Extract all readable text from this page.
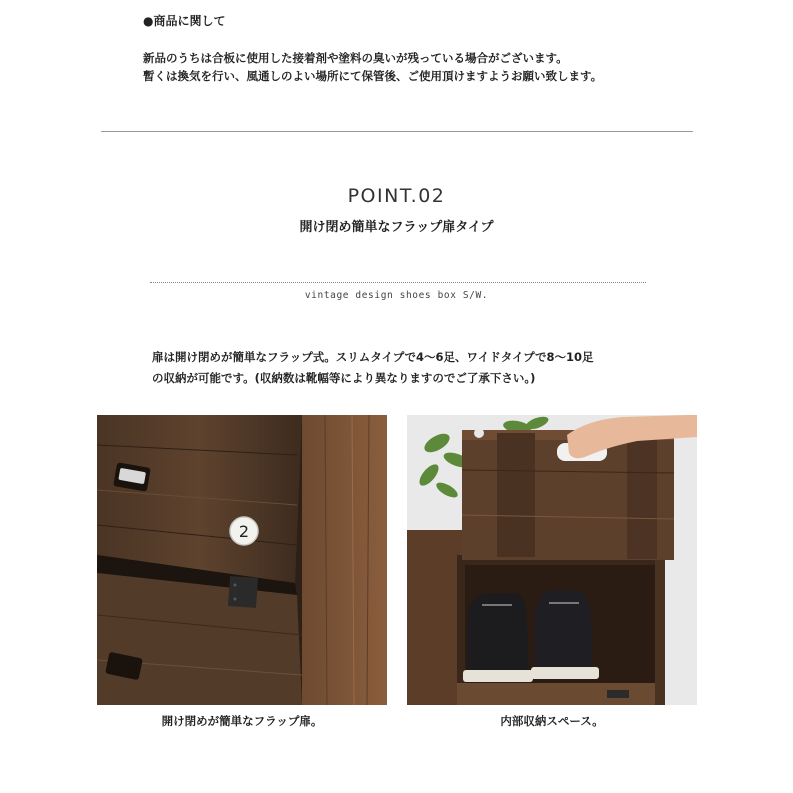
●商品に関して
新品のうちは合板に使用した接着剤や塗料の臭いが残っている場合がございます。
暫くは換気を行い、風通しのよい場所にて保管後、ご使用頂けますようお願い致します。
POINT.02
開け閉め簡単なフラップ扉タイプ
vintage design shoes box S/W.
扉は開け閉めが簡単なフラップ式。スリムタイプで4～6足、ワイドタイプで8～10足
の収納が可能です。(収納数は靴幅等により異なりますのでご了承下さい。)
2
開け閉めが簡単なフラップ扉。	内部収納スペース。
